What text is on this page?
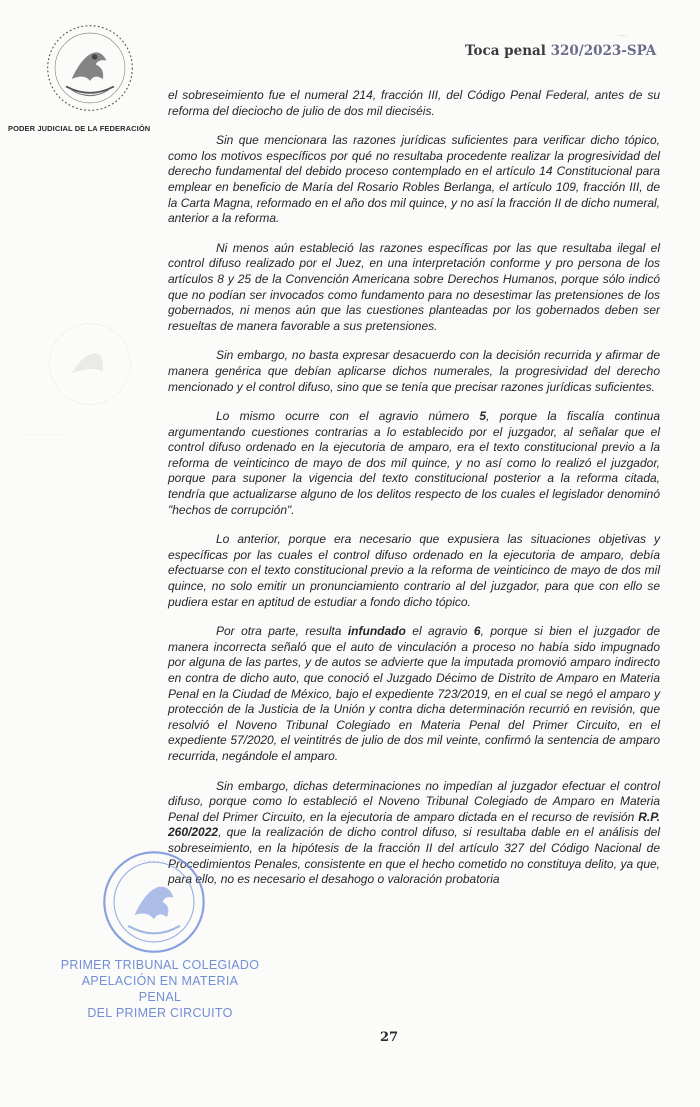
PODER JUDICIAL DE LA FEDERACIÓN
·····
Toca penal 320/2023-SPA

el sobreseimiento fue el numeral 214, fracción III, del Código Penal Federal, antes de su reforma del dieciocho de julio de dos mil dieciséis.

Sin que mencionara las razones jurídicas suficientes para verificar dicho tópico, como los motivos específicos por qué no resultaba procedente realizar la progresividad del derecho fundamental del debido proceso contemplado en el artículo 14 Constitucional para emplear en beneficio de María del Rosario Robles Berlanga, el artículo 109, fracción III, de la Carta Magna, reformado en el año dos mil quince, y no así la fracción II de dicho numeral, anterior a la reforma.

Ni menos aún estableció las razones específicas por las que resultaba ilegal el control difuso realizado por el Juez, en una interpretación conforme y pro persona de los artículos 8 y 25 de la Convención Americana sobre Derechos Humanos, porque sólo indicó que no podían ser invocados como fundamento para no desestimar las pretensiones de los gobernados, ni menos aún que las cuestiones planteadas por los gobernados deben ser resueltas de manera favorable a sus pretensiones.

Sin embargo, no basta expresar desacuerdo con la decisión recurrida y afirmar de manera genérica que debían aplicarse dichos numerales, la progresividad del derecho mencionado y el control difuso, sino que se tenía que precisar razones jurídicas suficientes.

Lo mismo ocurre con el agravio número 5, porque la fiscalía continua argumentando cuestiones contrarias a lo establecido por el juzgador, al señalar que el control difuso ordenado en la ejecutoria de amparo, era el texto constitucional previo a la reforma de veinticinco de mayo de dos mil quince, y no así como lo realizó el juzgador, porque para suponer la vigencia del texto constitucional posterior a la reforma citada, tendría que actualizarse alguno de los delitos respecto de los cuales el legislador denominó "hechos de corrupción".

Lo anterior, porque era necesario que expusiera las situaciones objetivas y específicas por las cuales el control difuso ordenado en la ejecutoria de amparo, debía efectuarse con el texto constitucional previo a la reforma de veinticinco de mayo de dos mil quince, no solo emitir un pronunciamiento contrario al del juzgador, para que con ello se pudiera estar en aptitud de estudiar a fondo dicho tópico.

Por otra parte, resulta infundado el agravio 6, porque si bien el juzgador de manera incorrecta señaló que el auto de vinculación a proceso no había sido impugnado por alguna de las partes, y de autos se advierte que la imputada promovió amparo indirecto en contra de dicho auto, que conoció el Juzgado Décimo de Distrito de Amparo en Materia Penal en la Ciudad de México, bajo el expediente 723/2019, en el cual se negó el amparo y protección de la Justicia de la Unión y contra dicha determinación recurrió en revisión, que resolvió el Noveno Tribunal Colegiado en Materia Penal del Primer Circuito, en el expediente 57/2020, el veintitrés de julio de dos mil veinte, confirmó la sentencia de amparo recurrida, negándole el amparo.

Sin embargo, dichas determinaciones no impedían al juzgador efectuar el control difuso, porque como lo estableció el Noveno Tribunal Colegiado de Amparo en Materia Penal del Primer Circuito, en la ejecutoria de amparo dictada en el recurso de revisión R.P. 260/2022, que la realización de dicho control difuso, si resultaba dable en el análisis del sobreseimiento, en la hipótesis de la fracción II del artículo 327 del Código Nacional de Procedimientos Penales, consistente en que el hecho cometido no constituya delito, ya que, para ello, no es necesario el desahogo o valoración probatoria

· · · · · · · · · · · ·
· · · · · · ·
PRIMER TRIBUNAL COLEGIADO
APELACIÓN EN MATERIA PENAL
DEL PRIMER CIRCUITO
27
